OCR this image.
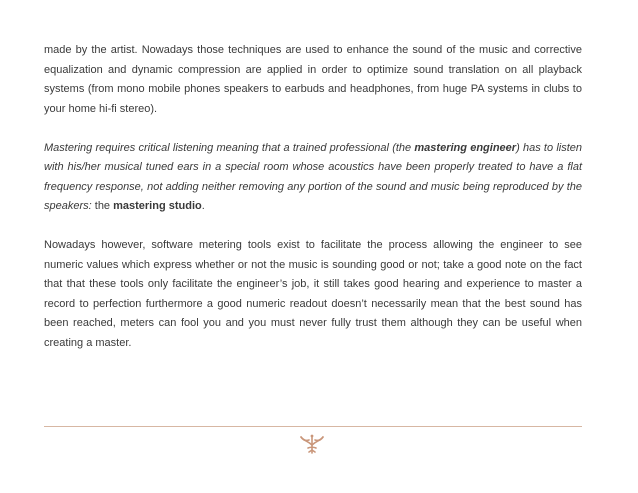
made by the artist. Nowadays those techniques are used to enhance the sound of the music and corrective equalization and dynamic compression are applied in order to optimize sound translation on all playback systems (from mono mobile phones speakers to earbuds and headphones, from huge PA systems in clubs to your home hi-fi stereo).

Mastering requires critical listening meaning that a trained professional (the mastering engineer) has to listen with his/her musical tuned ears in a special room whose acoustics have been properly treated to have a flat frequency response, not adding neither removing any portion of the sound and music being reproduced by the speakers: the mastering studio.

Nowadays however, software metering tools exist to facilitate the process allowing the engineer to see numeric values which express whether or not the music is sounding good or not; take a good note on the fact that that these tools only facilitate the engineer’s job, it still takes good hearing and experience to master a record to perfection furthermore a good numeric readout doesn’t necessarily mean that the best sound has been reached, meters can fool you and you must never fully trust them although they can be useful when creating a master.
